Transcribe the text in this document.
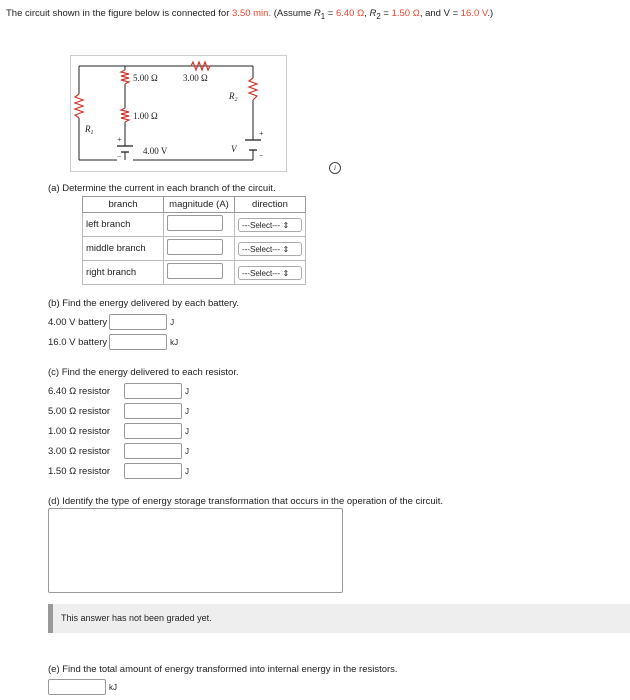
The circuit shown in the figure below is connected for 3.50 min. (Assume $R_1 = 6.40$ Ω, $R_2 = 1.50$ Ω, and V = 16.0 V.)
5.00 Ω	3.00 Ω
1.00 Ω
4.00 V
$R_2$
$R_1$
V
+
−
+
−
i
(a) Determine the current in each branch of the circuit.
branch	magnitude (A)	direction
left branch		---Select--- ⇕
middle branch		---Select--- ⇕
right branch		---Select--- ⇕
(b) Find the energy delivered by each battery.
4.00 V battery	J
16.0 V battery	kJ
(c) Find the energy delivered to each resistor.
6.40 Ω resistor	J
5.00 Ω resistor	J
1.00 Ω resistor	J
3.00 Ω resistor	J
1.50 Ω resistor	J
(d) Identify the type of energy storage transformation that occurs in the operation of the circuit.
This answer has not been graded yet.
(e) Find the total amount of energy transformed into internal energy in the resistors.
kJ
